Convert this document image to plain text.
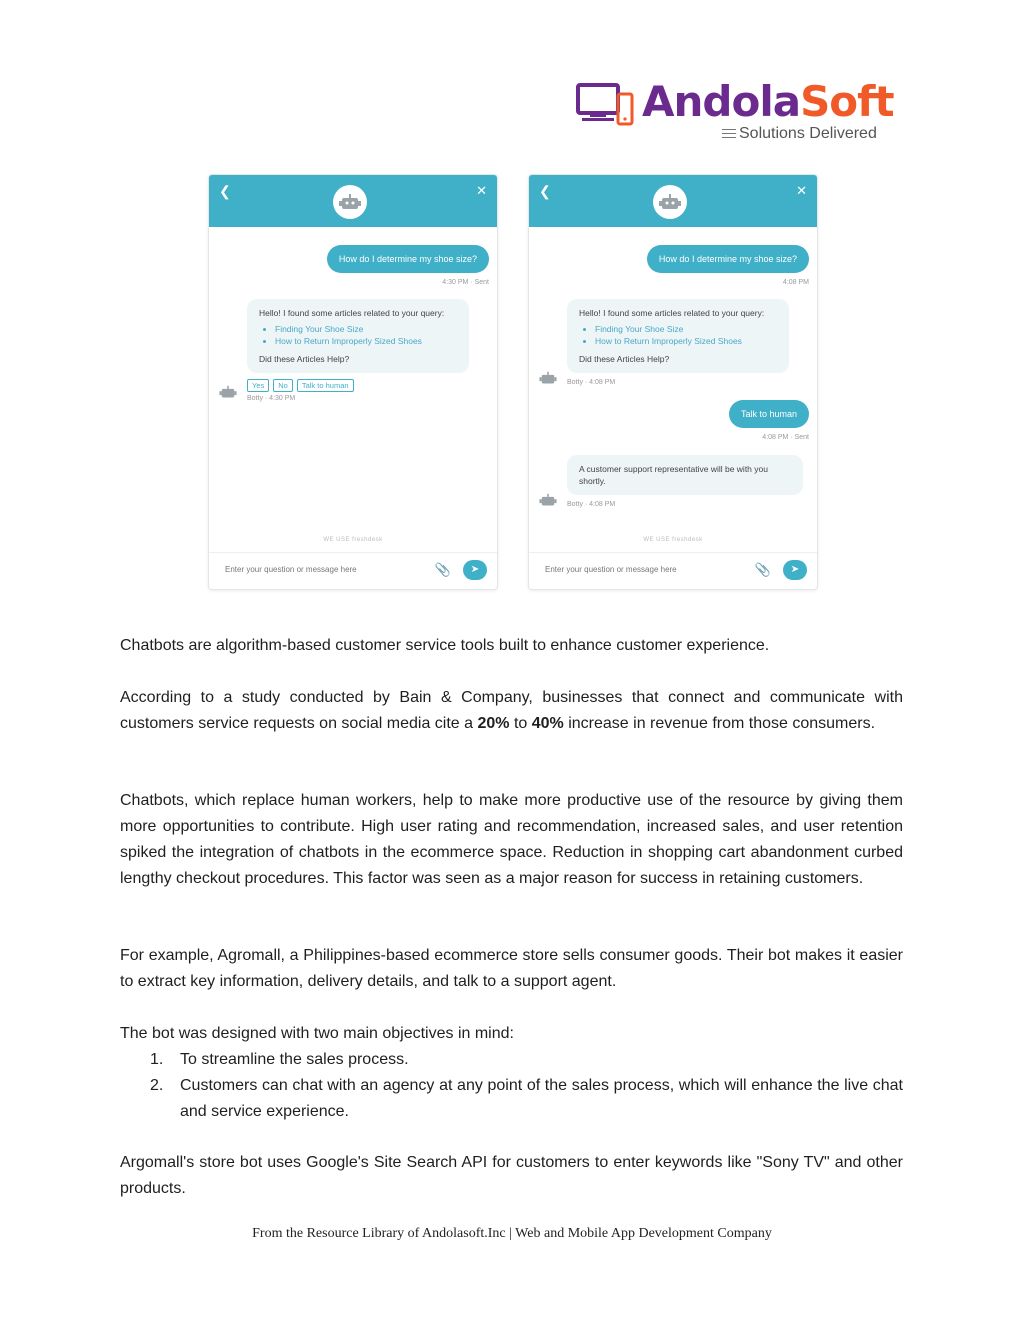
AndolaSoft
Solutions Delivered
❮	✕
How do I determine my shoe size?
4:30 PM · Sent

Hello! I found some articles related to your query:

• Finding Your Shoe Size
• How to Return Improperly Sized Shoes

Did these Articles Help?

Yes	No	Talk to human
Botty · 4:30 PM
WE USE freshdesk
Enter your question or message here	📎	➤
❮	✕
How do I determine my shoe size?
4:08 PM

Hello! I found some articles related to your query:

• Finding Your Shoe Size
• How to Return Improperly Sized Shoes

Did these Articles Help?

Botty · 4:08 PM
Talk to human
4:08 PM · Sent

A customer support representative will be with you shortly.

Botty · 4:08 PM
WE USE freshdesk
Enter your question or message here	📎	➤

Chatbots are algorithm-based customer service tools built to enhance customer experience.

According to a study conducted by Bain & Company, businesses that connect and communicate with customers service requests on social media cite a 20% to 40% increase in revenue from those consumers.

Chatbots, which replace human workers, help to make more productive use of the resource by giving them more opportunities to contribute. High user rating and recommendation, increased sales, and user retention spiked the integration of chatbots in the ecommerce space. Reduction in shopping cart abandonment curbed lengthy checkout procedures. This factor was seen as a major reason for success in retaining customers.

For example, Agromall, a Philippines-based ecommerce store sells consumer goods. Their bot makes it easier to extract key information, delivery details, and talk to a support agent.

The bot was designed with two main objectives in mind:

1. To streamline the sales process.
2. Customers can chat with an agency at any point of the sales process, which will enhance the live chat and service experience.

Argomall's store bot uses Google's Site Search API for customers to enter keywords like "Sony TV" and other products.

From the Resource Library of Andolasoft.Inc | Web and Mobile App Development Company
